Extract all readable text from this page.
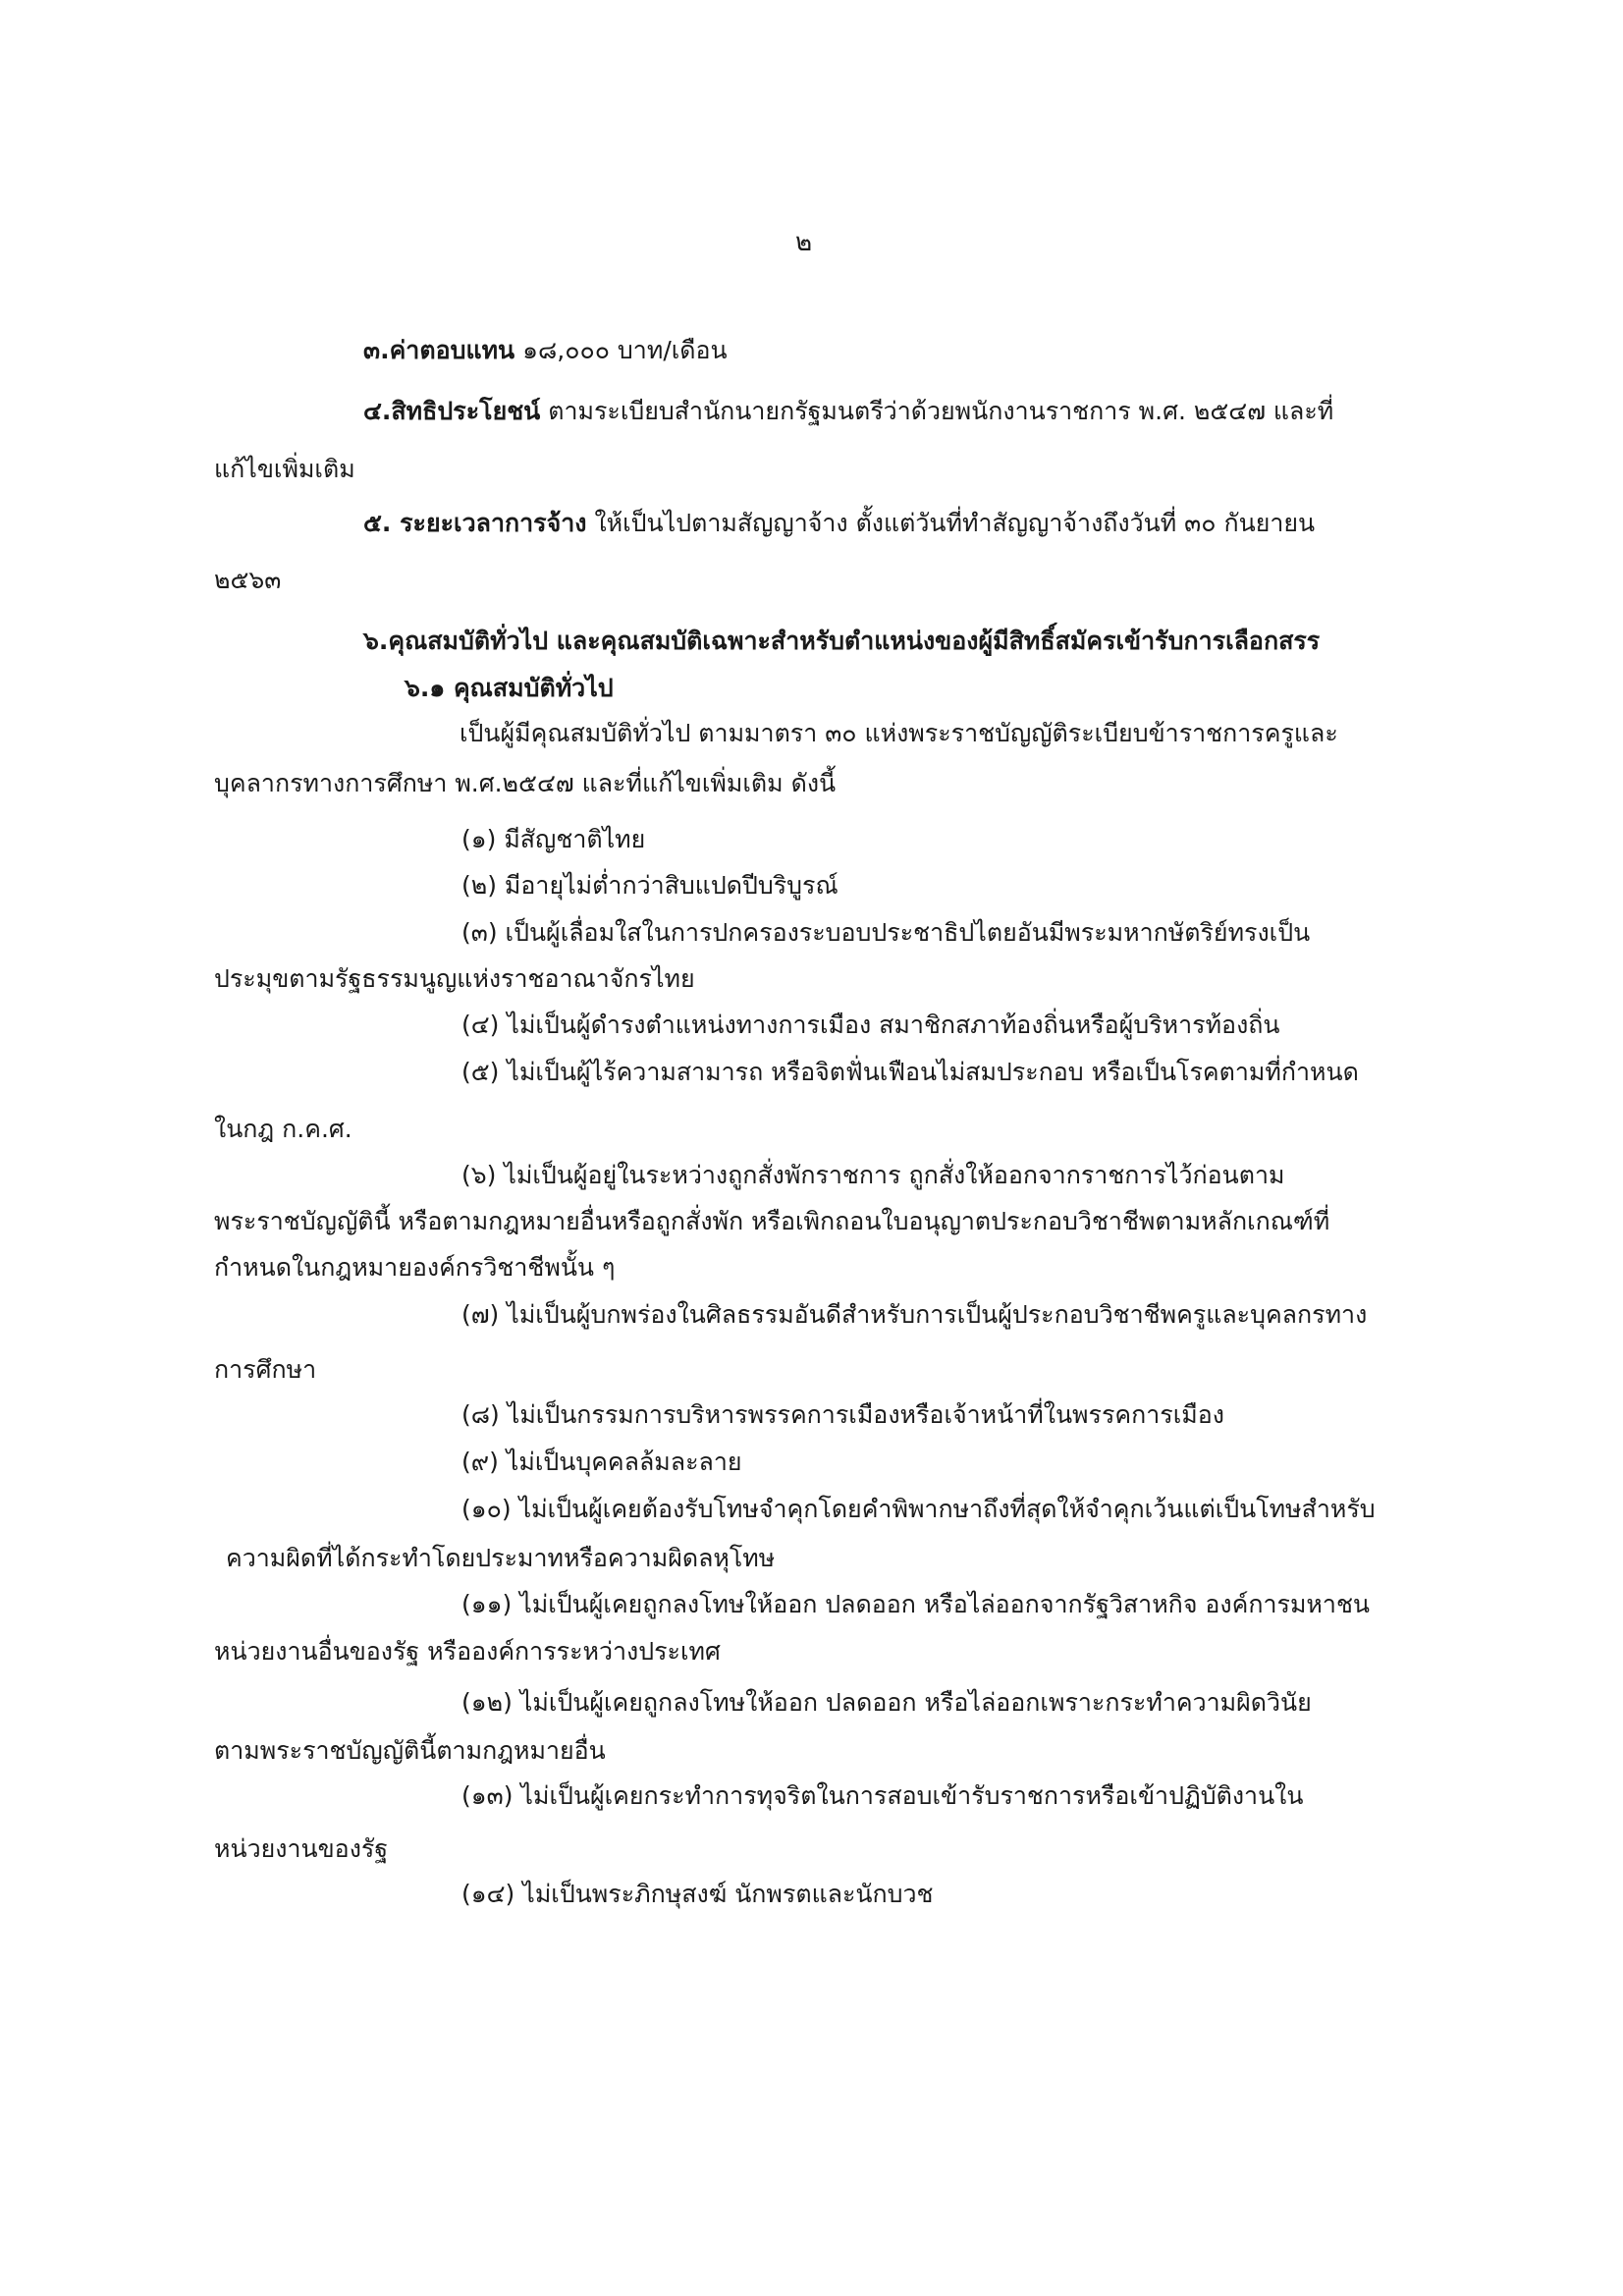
๒
๓.ค่าตอบแทน ๑๘,๐๐๐ บาท/เดือน
๔.สิทธิประโยชน์ ตามระเบียบสำนักนายกรัฐมนตรีว่าด้วยพนักงานราชการ พ.ศ. ๒๕๔๗ และที่
แก้ไขเพิ่มเติม
๕. ระยะเวลาการจ้าง ให้เป็นไปตามสัญญาจ้าง ตั้งแต่วันที่ทำสัญญาจ้างถึงวันที่ ๓๐ กันยายน
๒๕๖๓
๖.คุณสมบัติทั่วไป และคุณสมบัติเฉพาะสำหรับตำแหน่งของผู้มีสิทธิ์สมัครเข้ารับการเลือกสรร
๖.๑ คุณสมบัติทั่วไป
เป็นผู้มีคุณสมบัติทั่วไป ตามมาตรา ๓๐ แห่งพระราชบัญญัติระเบียบข้าราชการครูและ
บุคลากรทางการศึกษา พ.ศ.๒๕๔๗ และที่แก้ไขเพิ่มเติม ดังนี้
(๑) มีสัญชาติไทย
(๒) มีอายุไม่ต่ำกว่าสิบแปดปีบริบูรณ์
(๓) เป็นผู้เลื่อมใสในการปกครองระบอบประชาธิปไตยอันมีพระมหากษัตริย์ทรงเป็น
ประมุขตามรัฐธรรมนูญแห่งราชอาณาจักรไทย
(๔) ไม่เป็นผู้ดำรงตำแหน่งทางการเมือง สมาชิกสภาท้องถิ่นหรือผู้บริหารท้องถิ่น
(๕) ไม่เป็นผู้ไร้ความสามารถ หรือจิตฟั่นเฟือนไม่สมประกอบ หรือเป็นโรคตามที่กำหนด
ในกฎ ก.ค.ศ.
(๖) ไม่เป็นผู้อยู่ในระหว่างถูกสั่งพักราชการ ถูกสั่งให้ออกจากราชการไว้ก่อนตาม
พระราชบัญญัตินี้ หรือตามกฎหมายอื่นหรือถูกสั่งพัก หรือเพิกถอนใบอนุญาตประกอบวิชาชีพตามหลักเกณฑ์ที่
กำหนดในกฎหมายองค์กรวิชาชีพนั้น ๆ
(๗) ไม่เป็นผู้บกพร่องในศิลธรรมอันดีสำหรับการเป็นผู้ประกอบวิชาชีพครูและบุคลกรทาง
การศึกษา
(๘) ไม่เป็นกรรมการบริหารพรรคการเมืองหรือเจ้าหน้าที่ในพรรคการเมือง
(๙) ไม่เป็นบุคคลล้มละลาย
(๑๐) ไม่เป็นผู้เคยต้องรับโทษจำคุกโดยคำพิพากษาถึงที่สุดให้จำคุกเว้นแต่เป็นโทษสำหรับ
ความผิดที่ได้กระทำโดยประมาทหรือความผิดลหุโทษ
(๑๑) ไม่เป็นผู้เคยถูกลงโทษให้ออก ปลดออก หรือไล่ออกจากรัฐวิสาหกิจ องค์การมหาชน
หน่วยงานอื่นของรัฐ หรือองค์การระหว่างประเทศ
(๑๒) ไม่เป็นผู้เคยถูกลงโทษให้ออก ปลดออก หรือไล่ออกเพราะกระทำความผิดวินัย
ตามพระราชบัญญัตินี้ตามกฎหมายอื่น
(๑๓) ไม่เป็นผู้เคยกระทำการทุจริตในการสอบเข้ารับราชการหรือเข้าปฏิบัติงานใน
หน่วยงานของรัฐ
(๑๔) ไม่เป็นพระภิกษุสงฆ์ นักพรตและนักบวช
